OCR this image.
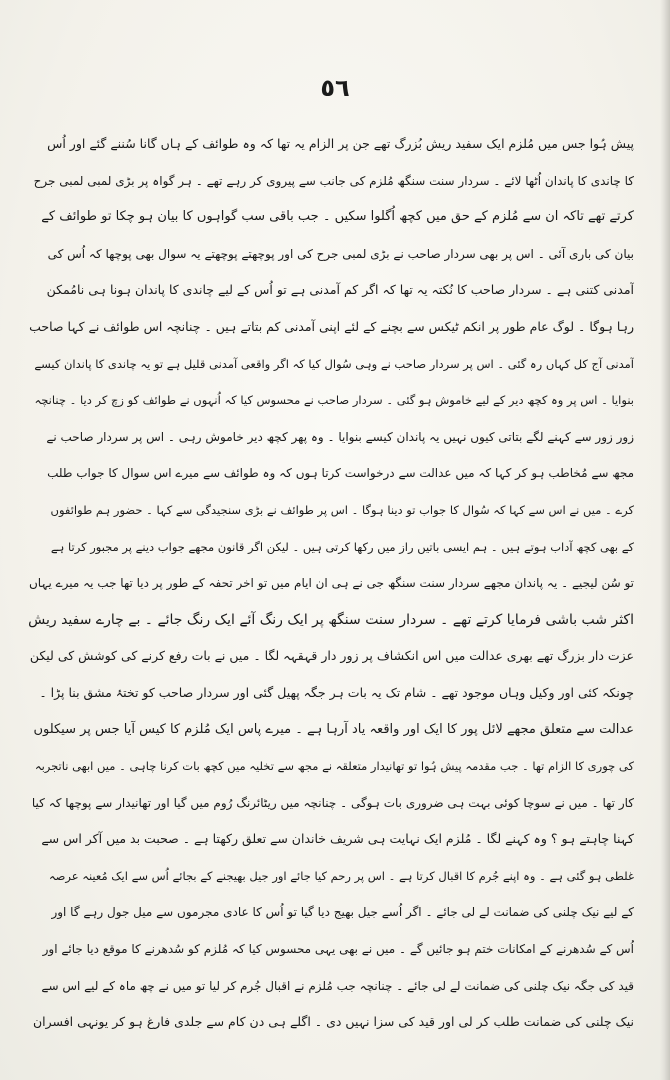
٥٦
پیش ہُوا جس میں مُلزم ایک سفید ریش بُزرگ تھے جن پر الزام یہ تھا کہ وہ طوائف کے ہاں گانا سُننے گئے اور اُس
کا چاندی کا پاندان اُٹھا لائے ۔ سردار سنت سنگھ مُلزم کی جانب سے پیروی کر رہے تھے ۔ ہر گواہ پر بڑی لمبی لمبی جرح
کرتے تھے تاکہ ان سے مُلزم کے حق میں کچھ اُگلوا سکیں ۔ جب باقی سب گواہوں کا بیان ہو چکا تو طوائف کے
بیان کی باری آئی ۔ اس پر بھی سردار صاحب نے بڑی لمبی جرح کی اور پوچھتے پوچھتے یہ سوال بھی پوچھا کہ اُس کی
آمدنی کتنی ہے ۔ سردار صاحب کا نُکتہ یہ تھا کہ اگر کم آمدنی ہے تو اُس کے لیے چاندی کا پاندان ہونا ہی نامُمکن
رہا ہوگا ۔ لوگ عام طور پر انکم ٹیکس سے بچنے کے لئے اپنی آمدنی کم بتاتے ہیں ۔ چنانچہ اس طوائف نے کہا صاحب
آمدنی آج کل کہاں رہ گئی ۔ اس پر سردار صاحب نے وہی سُوال کیا کہ اگر واقعی آمدنی قلیل ہے تو یہ چاندی کا پاندان کیسے
بنوایا ۔ اس پر وہ کچھ دیر کے لیے خاموش ہو گئی ۔ سردار صاحب نے محسوس کیا کہ اُنہوں نے طوائف کو زچ کر دیا ۔ چنانچہ
زور زور سے کہنے لگے بتاتی کیوں نہیں یہ پاندان کیسے بنوایا ۔ وہ پھر کچھ دیر خاموش رہی ۔ اس پر سردار صاحب نے
مجھ سے مُخاطب ہو کر کہا کہ میں عدالت سے درخواست کرتا ہوں کہ وہ طوائف سے میرے اس سوال کا جواب طلب
کرے ۔ میں نے اس سے کہا کہ سُوال کا جواب تو دینا ہوگا ۔ اس پر طوائف نے بڑی سنجیدگی سے کہا ۔ حضور ہم طوائفوں
کے بھی کچھ آداب ہوتے ہیں ۔ ہم ایسی باتیں راز میں رکھا کرتی ہیں ۔ لیکن اگر قانون مجھے جواب دینے پر مجبور کرتا ہے
تو سُن لیجیے ۔ یہ پاندان مجھے سردار سنت سنگھ جی نے ہی ان ایام میں تو اخر تحفہ کے طور پر دیا تھا جب یہ میرے یہاں
اکثر شب باشی فرمایا کرتے تھے ۔ سردار سنت سنگھ پر ایک رنگ آئے ایک رنگ جائے ۔ بے چارے سفید ریش
عزت دار بزرگ تھے بھری عدالت میں اس انکشاف پر زور دار قہقہہ لگا ۔ میں نے بات رفع کرنے کی کوشش کی لیکن
چونکہ کئی اور وکیل وہاں موجود تھے ۔ شام تک یہ بات ہر جگہ پھیل گئی اور سردار صاحب کو تختۂ مشق بنا پڑا ۔
عدالت سے متعلق مجھے لائل پور کا ایک اور واقعہ یاد آرہا ہے ۔ میرے پاس ایک مُلزم کا کیس آیا جس پر سیکلوں
کی چوری کا الزام تھا ۔ جب مقدمہ پیش ہُوا تو تھانیدار متعلقہ نے مجھ سے تخلیہ میں کچھ بات کرنا چاہی ۔ میں ابھی ناتجربہ
کار تھا ۔ میں نے سوچا کوئی بہت ہی ضروری بات ہوگی ۔ چنانچہ میں ریٹائرنگ رُوم میں گیا اور تھانیدار سے پوچھا کہ کیا
کہنا چاہتے ہو ؟ وہ کہنے لگا ۔ مُلزم ایک نہایت ہی شریف خاندان سے تعلق رکھتا ہے ۔ صحبت بد میں آکر اس سے
غلطی ہو گئی ہے ۔ وہ اپنے جُرم کا اقبال کرتا ہے ۔ اس پر رحم کیا جائے اور جیل بھیجنے کے بجائے اُس سے ایک مُعینہ عرصہ
کے لیے نیک چلنی کی ضمانت لے لی جائے ۔ اگر اُسے جیل بھیج دیا گیا تو اُس کا عادی مجرموں سے میل جول رہے گا اور
اُس کے سُدھرنے کے امکانات ختم ہو جائیں گے ۔ میں نے بھی یہی محسوس کیا کہ مُلزم کو سُدھرنے کا موقع دیا جائے اور
قید کی جگہ نیک چلنی کی ضمانت لے لی جائے ۔ چنانچہ جب مُلزم نے اقبال جُرم کر لیا تو میں نے چھ ماہ کے لیے اس سے
نیک چلنی کی ضمانت طلب کر لی اور قید کی سزا نہیں دی ۔ اگلے ہی دن کام سے جلدی فارغ ہو کر یونہی افسران
